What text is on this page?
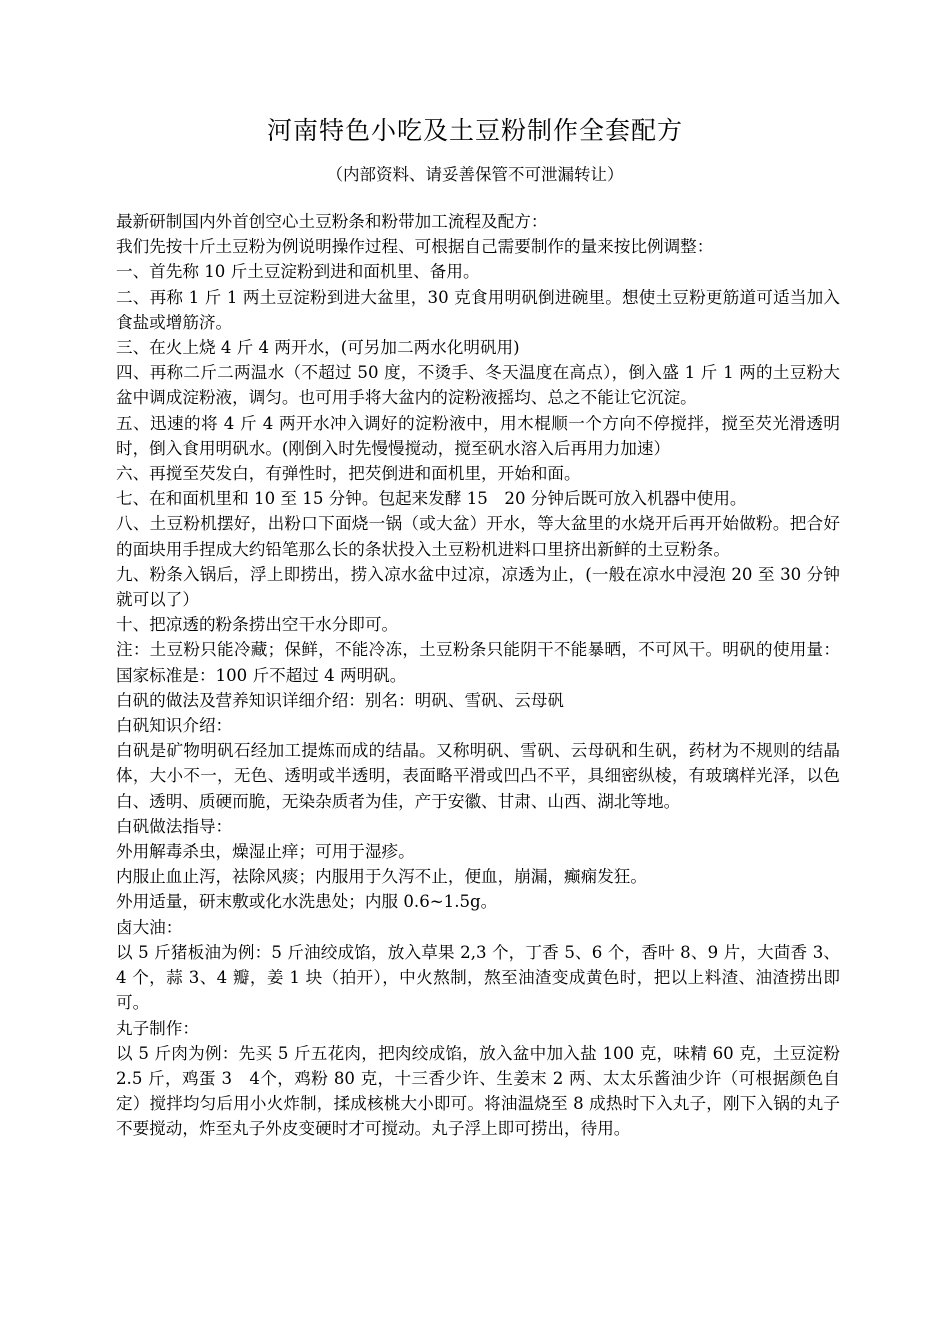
河南特色小吃及土豆粉制作全套配方
（内部资料、请妥善保管不可泄漏转让）

最新研制国内外首创空心土豆粉条和粉带加工流程及配方：

我们先按十斤土豆粉为例说明操作过程、可根据自己需要制作的量来按比例调整：

一、首先称 10 斤土豆淀粉到进和面机里、备用。

二、再称 1 斤 1 两土豆淀粉到进大盆里，30 克食用明矾倒进碗里。想使土豆粉更筋道可适当加入食盐或增筋济。

三、在火上烧 4 斤 4 两开水，(可另加二两水化明矾用)

四、再称二斤二两温水（不超过 50 度，不烫手、冬天温度在高点），倒入盛 1 斤 1 两的土豆粉大盆中调成淀粉液，调匀。也可用手将大盆内的淀粉液摇均、总之不能让它沉淀。

五、迅速的将 4 斤 4 两开水冲入调好的淀粉液中，用木棍顺一个方向不停搅拌，搅至芡光滑透明时，倒入食用明矾水。(刚倒入时先慢慢搅动，搅至矾水溶入后再用力加速）

六、再搅至芡发白，有弹性时，把芡倒进和面机里，开始和面。

七、在和面机里和 10 至 15 分钟。包起来发酵 15　20 分钟后既可放入机器中使用。

八、土豆粉机摆好，出粉口下面烧一锅（或大盆）开水，等大盆里的水烧开后再开始做粉。把合好的面块用手捏成大约铅笔那么长的条状投入土豆粉机进料口里挤出新鲜的土豆粉条。

九、粉条入锅后，浮上即捞出，捞入凉水盆中过凉，凉透为止，(一般在凉水中浸泡 20 至 30 分钟就可以了）

十、把凉透的粉条捞出空干水分即可。

注：土豆粉只能冷藏；保鲜，不能冷冻，土豆粉条只能阴干不能暴晒，不可风干。明矾的使用量：国家标准是：100 斤不超过 4 两明矾。

白矾的做法及营养知识详细介绍：别名：明矾、雪矾、云母矾

白矾知识介绍：

白矾是矿物明矾石经加工提炼而成的结晶。又称明矾、雪矾、云母矾和生矾，药材为不规则的结晶体，大小不一，无色、透明或半透明，表面略平滑或凹凸不平，具细密纵棱，有玻璃样光泽，以色白、透明、质硬而脆，无染杂质者为佳，产于安徽、甘肃、山西、湖北等地。

白矾做法指导：

外用解毒杀虫，燥湿止痒；可用于湿疹。

内服止血止泻，祛除风痰；内服用于久泻不止，便血，崩漏，癫痫发狂。

外用适量，研末敷或化水洗患处；内服 0.6~1.5g。

卤大油：

以 5 斤猪板油为例：5 斤油绞成馅，放入草果 2,3 个，丁香 5、6 个，香叶 8、9 片，大茴香 3、4 个，蒜 3、4 瓣，姜 1 块（拍开），中火熬制，熬至油渣变成黄色时，把以上料渣、油渣捞出即可。

丸子制作：

以 5 斤肉为例：先买 5 斤五花肉，把肉绞成馅，放入盆中加入盐 100 克，味精 60 克，土豆淀粉 2.5 斤，鸡蛋 3　4个，鸡粉 80 克，十三香少许、生姜末 2 两、太太乐酱油少许（可根据颜色自定）搅拌均匀后用小火炸制，揉成核桃大小即可。将油温烧至 8 成热时下入丸子，刚下入锅的丸子不要搅动，炸至丸子外皮变硬时才可搅动。丸子浮上即可捞出，待用。
